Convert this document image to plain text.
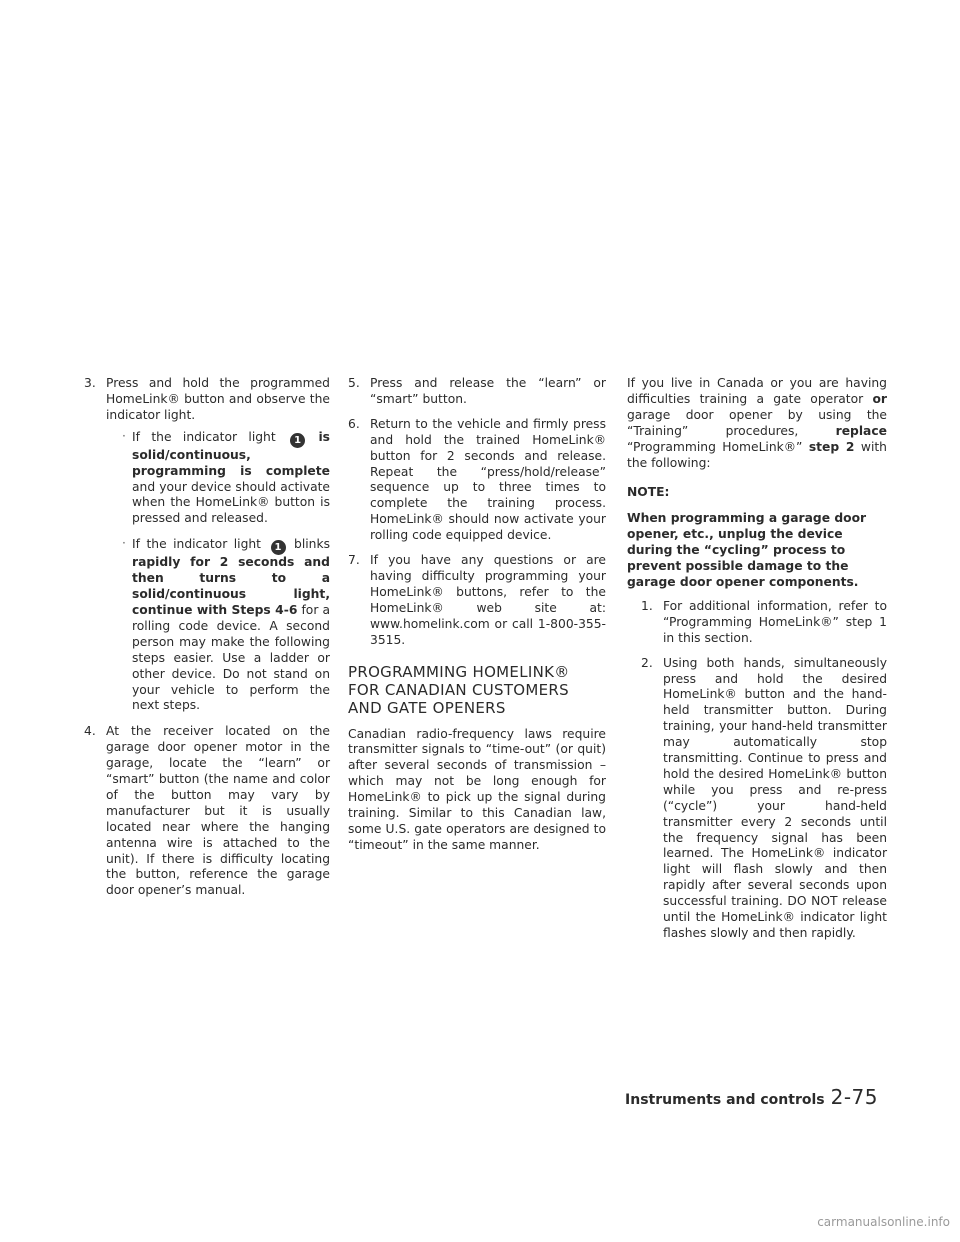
3. Press and hold the programmed HomeLink® button and observe the indicator light.

· If the indicator light 1 is solid/continuous, programming is complete and your device should activate when the HomeLink® button is pressed and released.
· If the indicator light 1 blinks rapidly for 2 seconds and then turns to a solid/continuous light, continue with Steps 4-6 for a rolling code device. A second person may make the following steps easier. Use a ladder or other device. Do not stand on your vehicle to perform the next steps.
4. At the receiver located on the garage door opener motor in the garage, locate the “learn” or “smart” button (the name and color of the button may vary by manufacturer but it is usually located near where the hanging antenna wire is attached to the unit). If there is difficulty locating the button, reference the garage door opener’s manual.

5. Press and release the “learn” or “smart” button.

6. Return to the vehicle and firmly press and hold the trained HomeLink® button for 2 seconds and release. Repeat the “press/hold/release” sequence up to three times to complete the training process. HomeLink® should now activate your rolling code equipped device.

7. If you have any questions or are having difficulty programming your HomeLink® buttons, refer to the HomeLink® web site at: www.homelink.com or call 1-800-355-3515.

PROGRAMMING HOMELINK® FOR CANADIAN CUSTOMERS AND GATE OPENERS

Canadian radio-frequency laws require transmitter signals to “time-out” (or quit) after several seconds of transmission – which may not be long enough for HomeLink® to pick up the signal during training. Similar to this Canadian law, some U.S. gate operators are designed to “timeout” in the same manner.

If you live in Canada or you are having difficulties training a gate operator or garage door opener by using the “Training” procedures,	replace “Programming HomeLink®” step 2 with the following:

NOTE:

When programming a garage door opener, etc., unplug the device during the “cycling” process to prevent possible damage to the garage door opener components.

1. For additional information, refer to “Programming HomeLink®” step 1 in this section.

2. Using both hands, simultaneously press and hold the desired HomeLink® button and the hand-held transmitter button. During training, your hand-held transmitter may automatically stop transmitting. Continue to press and hold the desired HomeLink® button while you press and re-press (“cycle”) your hand-held transmitter every 2 seconds until the frequency signal has been learned. The HomeLink® indicator light will flash slowly and then rapidly after several seconds upon successful training. DO NOT release until the HomeLink® indicator light flashes slowly and then rapidly.

Instruments and controls 2-75
carmanualsonline.info
